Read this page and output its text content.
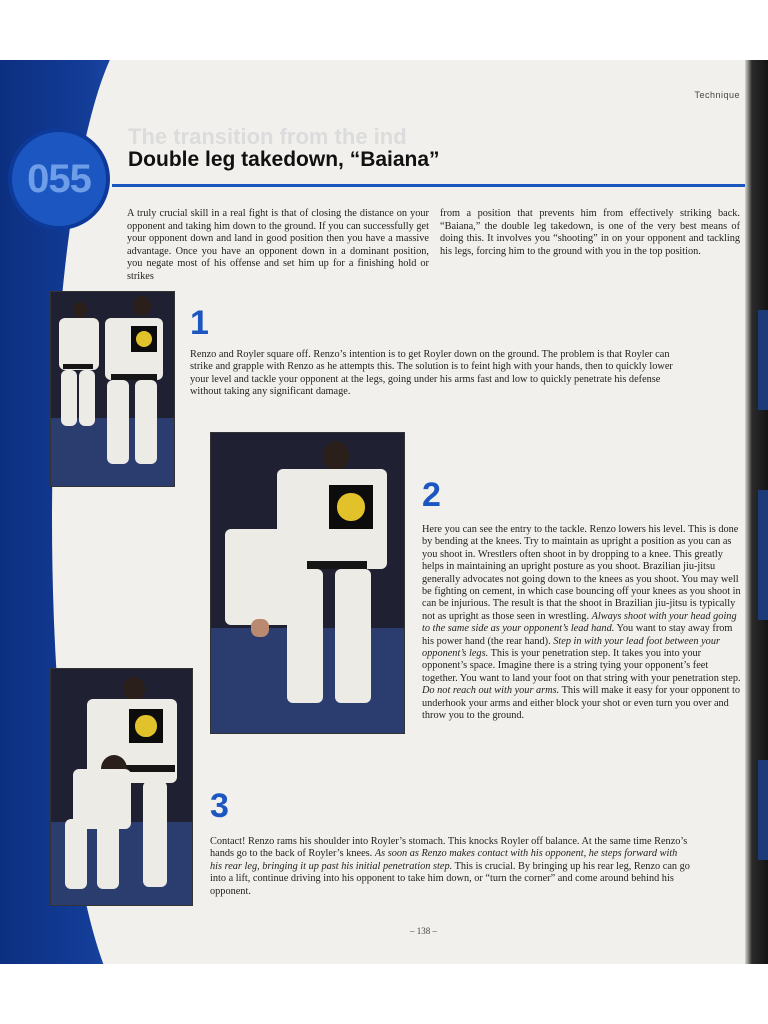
Technique
The transition from the ind
055	Double leg takedown, “Baiana”
A truly crucial skill in a real fight is that of closing the distance on your opponent and taking him down to the ground. If you can successfully get your opponent down and land in good position then you have a massive advantage. Once you have an opponent down in a dominant position, you negate most of his offense and set him up for a finishing hold or strikes
from a position that prevents him from effectively striking back. “Baiana,” the double leg takedown, is one of the very best means of doing this. It involves you “shooting” in on your opponent and tackling his legs, forcing him to the ground with you in the top position.
1
Renzo and Royler square off. Renzo’s intention is to get Royler down on the ground. The problem is that Royler can strike and grapple with Renzo as he attempts this. The solution is to feint high with your hands, then to quickly lower your level and tackle your opponent at the legs, going under his arms fast and low to quickly penetrate his defense without taking any significant damage.
2
Here you can see the entry to the tackle. Renzo lowers his level. This is done by bending at the knees. Try to maintain as upright a position as you can as you shoot in. Wrestlers often shoot in by dropping to a knee. This greatly helps in maintaining an upright posture as you shoot. Brazilian jiu-jitsu generally advocates not going down to the knees as you shoot. You may well be fighting on cement, in which case bouncing off your knees as you shoot in can be injurious. The result is that the shoot in Brazilian jiu-jitsu is typically not as upright as those seen in wrestling. Always shoot with your head going to the same side as your opponent’s lead hand. You want to stay away from his power hand (the rear hand). Step in with your lead foot between your opponent’s legs. This is your penetration step. It takes you into your opponent’s space. Imagine there is a string tying your opponent’s feet together. You want to land your foot on that string with your penetration step. Do not reach out with your arms. This will make it easy for your opponent to underhook your arms and either block your shot or even turn you over and throw you to the ground.
3
Contact! Renzo rams his shoulder into Royler’s stomach. This knocks Royler off balance. At the same time Renzo’s hands go to the back of Royler’s knees. As soon as Renzo makes contact with his opponent, he steps forward with his rear leg, bringing it up past his initial penetration step. This is crucial. By bringing up his rear leg, Renzo can go into a lift, continue driving into his opponent to take him down, or “turn the corner” and come around behind his opponent.
– 138 –
